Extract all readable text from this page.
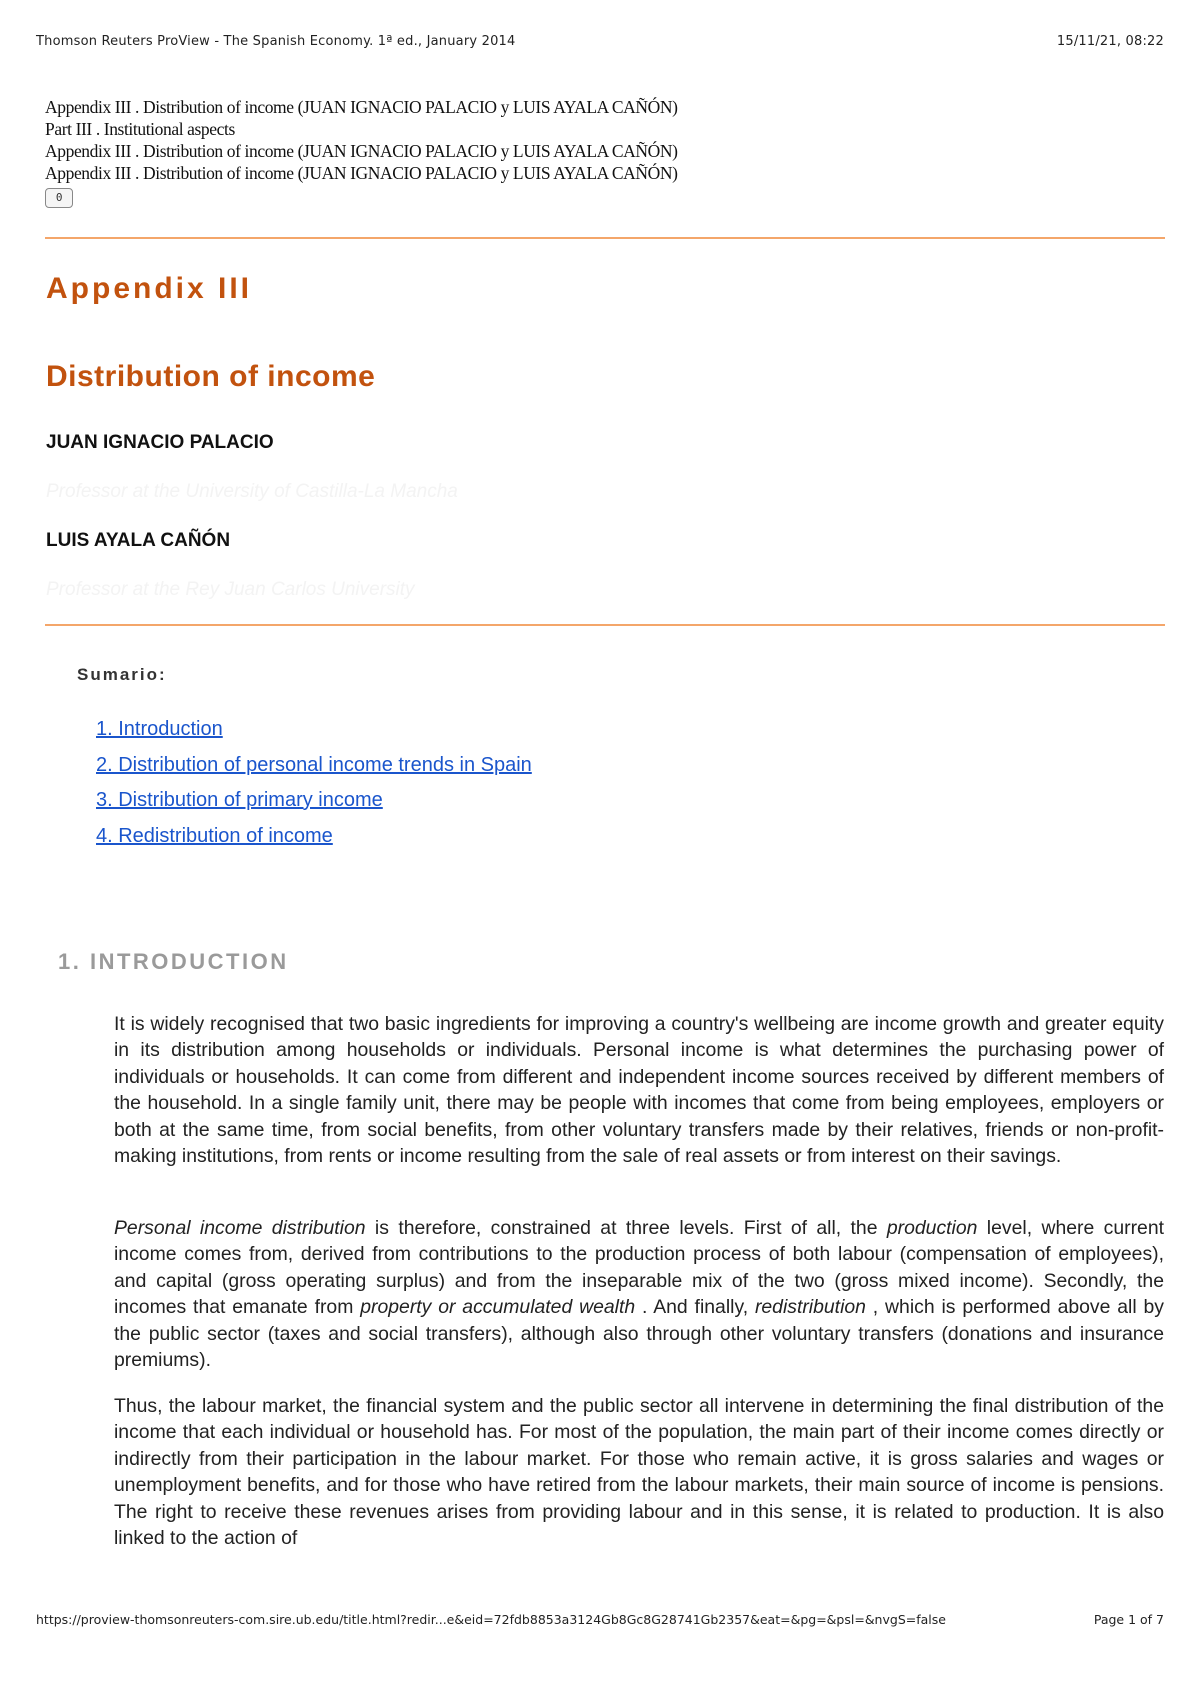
Thomson Reuters ProView - The Spanish Economy. 1ª ed., January 2014	15/11/21, 08:22
Appendix III . Distribution of income (JUAN IGNACIO PALACIO y LUIS AYALA CAÑÓN)
Part III . Institutional aspects
Appendix III . Distribution of income (JUAN IGNACIO PALACIO y LUIS AYALA CAÑÓN)
Appendix III . Distribution of income (JUAN IGNACIO PALACIO y LUIS AYALA CAÑÓN)
0
Appendix III
Distribution of income
JUAN IGNACIO PALACIO
Professor at the University of Castilla-La Mancha
LUIS AYALA CAÑÓN
Professor at the Rey Juan Carlos University
Sumario:
1. Introduction
2. Distribution of personal income trends in Spain
3. Distribution of primary income
4. Redistribution of income
1. INTRODUCTION

It is widely recognised that two basic ingredients for improving a country's wellbeing are income growth and greater equity in its distribution among households or individuals. Personal income is what determines the purchasing power of individuals or households. It can come from different and independent income sources received by different members of the household. In a single family unit, there may be people with incomes that come from being employees, employers or both at the same time, from social benefits, from other voluntary transfers made by their relatives, friends or non-profit-making institutions, from rents or income resulting from the sale of real assets or from interest on their savings.

Personal income distribution is therefore, constrained at three levels. First of all, the production level, where current income comes from, derived from contributions to the production process of both labour (compensation of employees), and capital (gross operating surplus) and from the inseparable mix of the two (gross mixed income). Secondly, the incomes that emanate from property or accumulated wealth . And finally, redistribution , which is performed above all by the public sector (taxes and social transfers), although also through other voluntary transfers (donations and insurance premiums).

Thus, the labour market, the financial system and the public sector all intervene in determining the final distribution of the income that each individual or household has. For most of the population, the main part of their income comes directly or indirectly from their participation in the labour market. For those who remain active, it is gross salaries and wages or unemployment benefits, and for those who have retired from the labour markets, their main source of income is pensions. The right to receive these revenues arises from providing labour and in this sense, it is related to production. It is also linked to the action of

https://proview-thomsonreuters-com.sire.ub.edu/title.html?redir...e&eid=72fdb8853a3124Gb8Gc8G28741Gb2357&eat=&pg=&psl=&nvgS=false	Page 1 of 7
